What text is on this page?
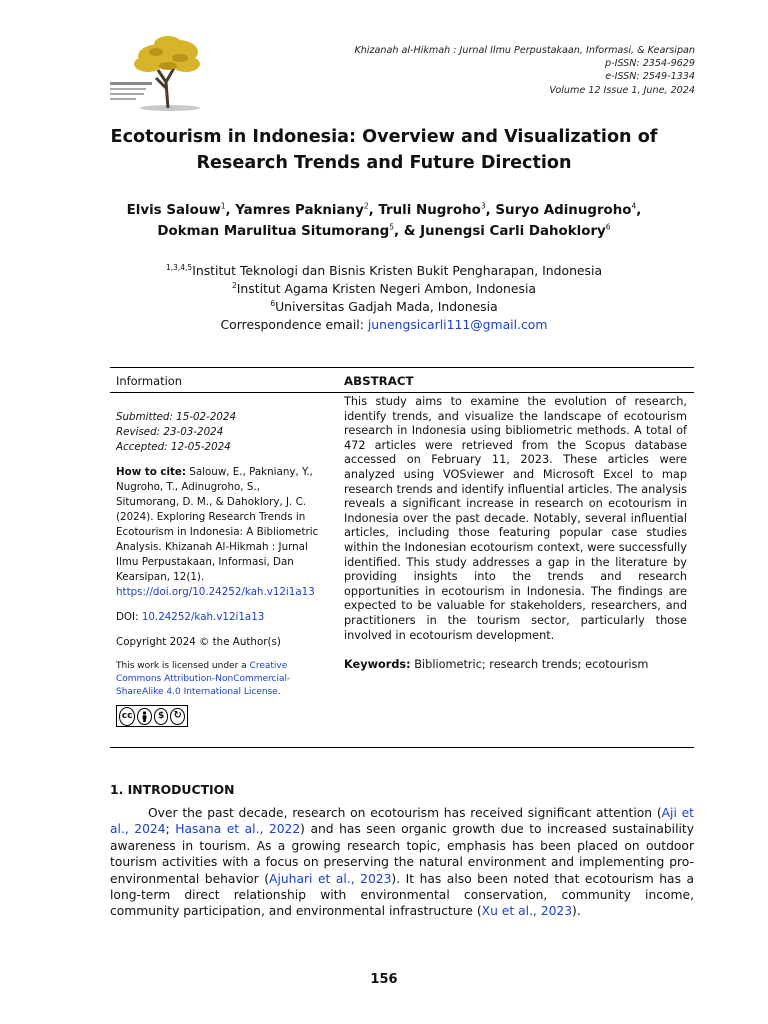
Khizanah al-Hikmah : Jurnal Ilmu Perpustakaan, Informasi, & Kearsipan
p-ISSN: 2354-9629
e-ISSN: 2549-1334
Volume 12 Issue 1, June, 2024
Ecotourism in Indonesia: Overview and Visualization of
Research Trends and Future Direction
Elvis Salouw$^1$, Yamres Pakniany$^2$, Truli Nugroho$^3$, Suryo Adinugroho$^4$,
Dokman Marulitua Situmorang$^5$, & Junengsi Carli Dahoklory$^6$
$^{1,3,4,5}$Institut Teknologi dan Bisnis Kristen Bukit Pengharapan, Indonesia
$^2$Institut Agama Kristen Negeri Ambon, Indonesia
$^6$Universitas Gadjah Mada, Indonesia
Correspondence email: junengsicarli111@gmail.com
Information	ABSTRACT
Submitted: 15-02-2024
Revised: 23-03-2024
Accepted: 12-05-2024
How to cite: Salouw, E., Pakniany, Y., Nugroho, T., Adinugroho, S., Situmorang, D. M., & Dahoklory, J. C. (2024). Exploring Research Trends in Ecotourism in Indonesia: A Bibliometric Analysis. Khizanah Al-Hikmah : Jurnal Ilmu Perpustakaan, Informasi, Dan Kearsipan, 12(1). https://doi.org/10.24252/kah.v12i1a13
DOI: 10.24252/kah.v12i1a13
Copyright 2024 © the Author(s)
This work is licensed under a Creative Commons Attribution-NonCommercial-ShareAlike 4.0 International License.
cc	$ ↻
This study aims to examine the evolution of research, identify trends, and visualize the landscape of ecotourism research in Indonesia using bibliometric methods. A total of 472 articles were retrieved from the Scopus database accessed on February 11, 2023. These articles were analyzed using VOSviewer and Microsoft Excel to map research trends and identify influential articles. The analysis reveals a significant increase in research on ecotourism in Indonesia over the past decade. Notably, several influential articles, including those featuring popular case studies within the Indonesian ecotourism context, were successfully identified. This study addresses a gap in the literature by providing insights into the trends and research opportunities in ecotourism in Indonesia. The findings are expected to be valuable for stakeholders, researchers, and practitioners in the tourism sector, particularly those involved in ecotourism development.
Keywords: Bibliometric; research trends; ecotourism
1. INTRODUCTION
Over the past decade, research on ecotourism has received significant attention (Aji et al., 2024; Hasana et al., 2022) and has seen organic growth due to increased sustainability awareness in tourism. As a growing research topic, emphasis has been placed on outdoor tourism activities with a focus on preserving the natural environment and implementing pro-environmental behavior (Ajuhari et al., 2023). It has also been noted that ecotourism has a long-term direct relationship with environmental conservation, community income, community participation, and environmental infrastructure (Xu et al., 2023).
156
